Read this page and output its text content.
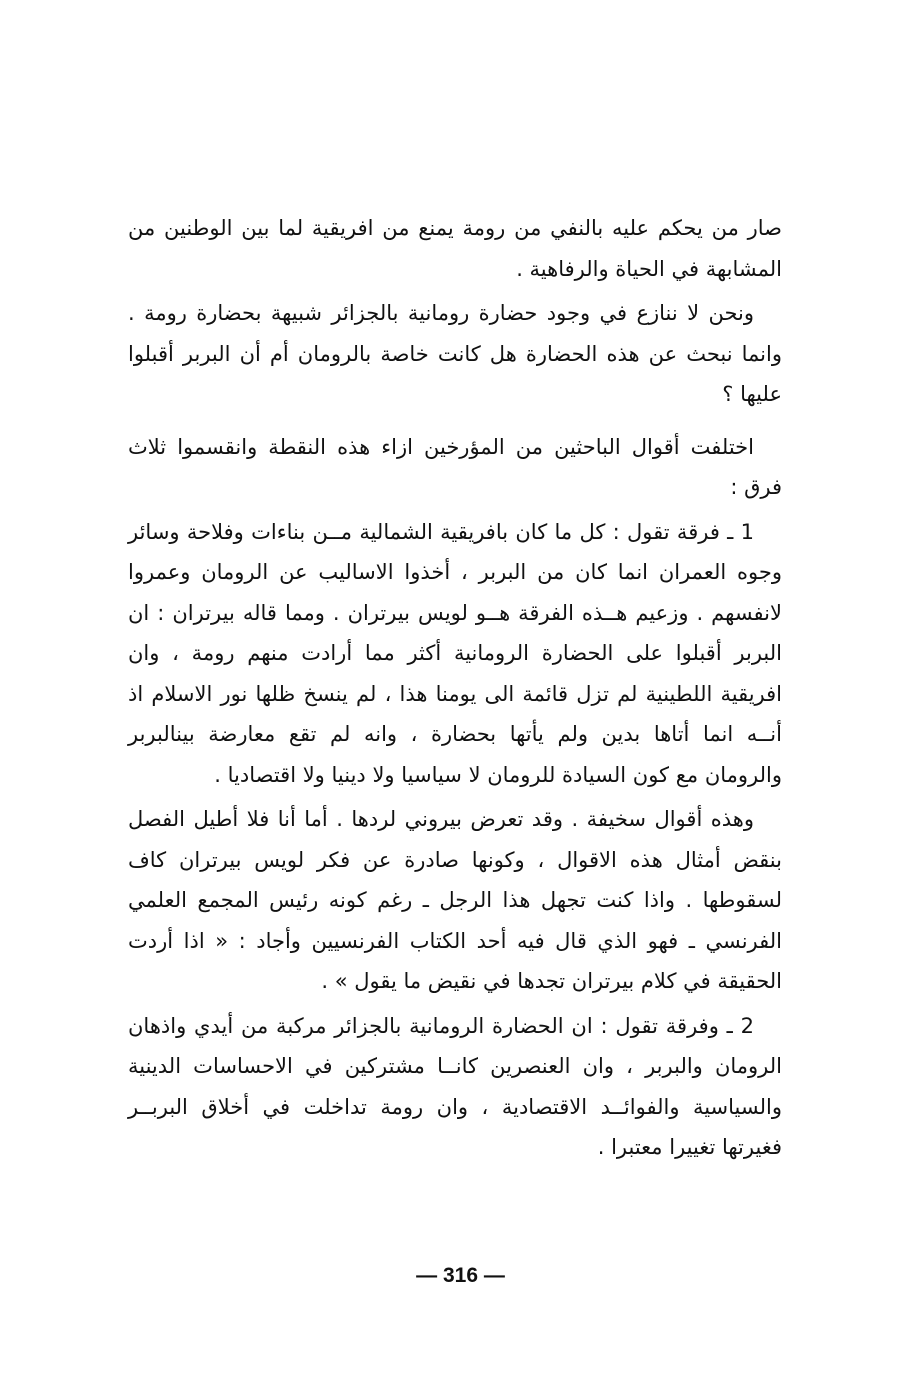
صار من يحكم عليه بالنفي من رومة يمنع من افريقية لما بين الوطنين من المشابهة في الحياة والرفاهية .

ونحن لا ننازع في وجود حضارة رومانية بالجزائر شبيهة بحضارة رومة . وانما نبحث عن هذه الحضارة هل كانت خاصة بالرومان أم أن البربر أقبلوا عليها ؟

اختلفت أقوال الباحثين من المؤرخين ازاء هذه النقطة وانقسموا ثلاث فرق :

1 ـ فرقة تقول : كل ما كان بافريقية الشمالية مــن بناءات وفلاحة وسائر وجوه العمران انما كان من البربر ، أخذوا الاساليب عن الرومان وعمروا لانفسهم . وزعيم هــذه الفرقة هــو لويس بيرتران . ومما قاله بيرتران : ان البربر أقبلوا على الحضارة الرومانية أكثر مما أرادت منهم رومة ، وان افريقية اللطينية لم تزل قائمة الى يومنا هذا ، لم ينسخ ظلها نور الاسلام اذ أنــه انما أتاها بدين ولم يأتها بحضارة ، وانه لم تقع معارضة بينالبربر والرومان مع كون السيادة للرومان لا سياسيا ولا دينيا ولا اقتصاديا .

وهذه أقوال سخيفة . وقد تعرض بيروني لردها . أما أنا فلا أطيل الفصل بنقض أمثال هذه الاقوال ، وكونها صادرة عن فكر لويس بيرتران كاف لسقوطها . واذا كنت تجهل هذا الرجل ـ رغم كونه رئيس المجمع العلمي الفرنسي ـ فهو الذي قال فيه أحد الكتاب الفرنسيين وأجاد : « اذا أردت الحقيقة في كلام بيرتران تجدها في نقيض ما يقول » .

2 ـ وفرقة تقول : ان الحضارة الرومانية بالجزائر مركبة من أيدي واذهان الرومان والبربر ، وان العنصرين كانــا مشتركين في الاحساسات الدينية والسياسية والفوائــد الاقتصادية ، وان رومة تداخلت في أخلاق البربــر فغيرتها تغييرا معتبرا .

— 316 —
